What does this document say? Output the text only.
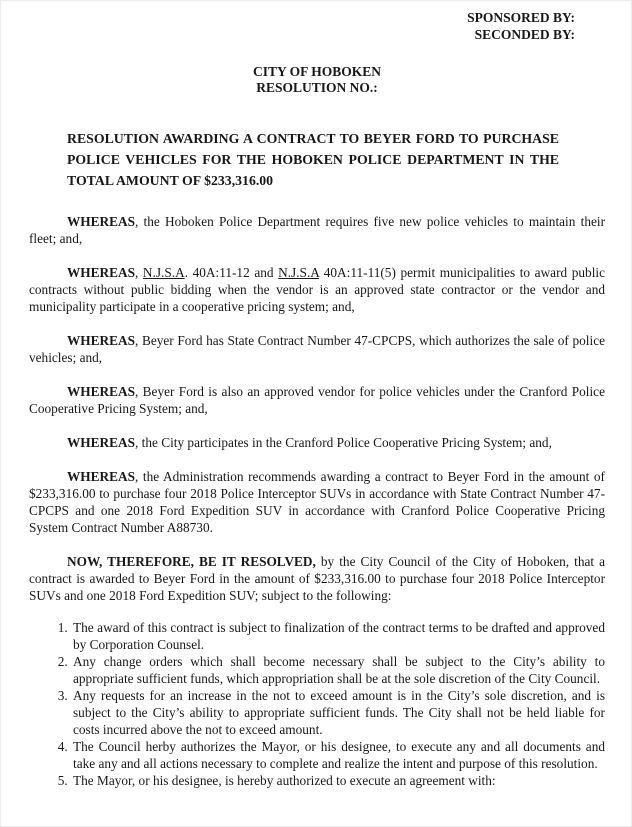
SPONSORED BY:
SECONDED BY:
CITY OF HOBOKEN
RESOLUTION NO.:

RESOLUTION AWARDING A CONTRACT TO BEYER FORD TO PURCHASE POLICE VEHICLES FOR THE HOBOKEN POLICE DEPARTMENT IN THE TOTAL AMOUNT OF $233,316.00

WHEREAS, the Hoboken Police Department requires five new police vehicles to maintain their fleet; and,

WHEREAS, N.J.S.A. 40A:11-12 and N.J.S.A 40A:11-11(5) permit municipalities to award public contracts without public bidding when the vendor is an approved state contractor or the vendor and municipality participate in a cooperative pricing system; and,

WHEREAS, Beyer Ford has State Contract Number 47-CPCPS, which authorizes the sale of police vehicles; and,

WHEREAS, Beyer Ford is also an approved vendor for police vehicles under the Cranford Police Cooperative Pricing System; and,

WHEREAS, the City participates in the Cranford Police Cooperative Pricing System; and,

WHEREAS, the Administration recommends awarding a contract to Beyer Ford in the amount of $233,316.00 to purchase four 2018 Police Interceptor SUVs in accordance with State Contract Number 47-CPCPS and one 2018 Ford Expedition SUV in accordance with Cranford Police Cooperative Pricing System Contract Number A88730.

NOW, THEREFORE, BE IT RESOLVED, by the City Council of the City of Hoboken, that a contract is awarded to Beyer Ford in the amount of $233,316.00 to purchase four 2018 Police Interceptor SUVs and one 2018 Ford Expedition SUV; subject to the following:

1. The award of this contract is subject to finalization of the contract terms to be drafted and approved by Corporation Counsel.
2. Any change orders which shall become necessary shall be subject to the City’s ability to appropriate sufficient funds, which appropriation shall be at the sole discretion of the City Council.
3. Any requests for an increase in the not to exceed amount is in the City’s sole discretion, and is subject to the City’s ability to appropriate sufficient funds. The City shall not be held liable for costs incurred above the not to exceed amount.
4. The Council herby authorizes the Mayor, or his designee, to execute any and all documents and take any and all actions necessary to complete and realize the intent and purpose of this resolution.
5. The Mayor, or his designee, is hereby authorized to execute an agreement with:
